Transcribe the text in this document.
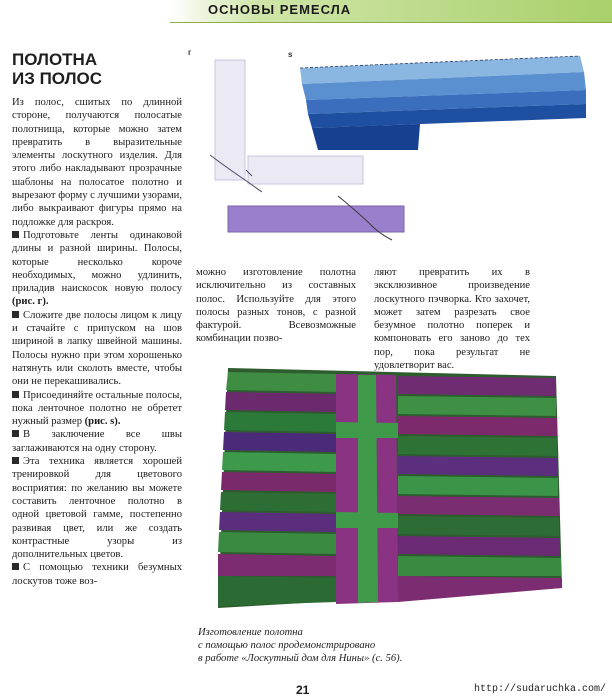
ОСНОВЫ РЕМЕСЛА
ПОЛОТНА
ИЗ ПОЛОС
г	s

Из полос, сшитых по длинной стороне, получаются полосатые полотнища, которые можно затем превратить в выразительные элементы лоскутного изделия. Для этого либо накладывают прозрачные шаблоны на полосатое полотно и вырезают форму с лучшими узорами, либо выкраивают фигуры прямо на подложке для раскроя.

Подготовьте ленты одинаковой длины и разной ширины. Полосы, которые несколько короче необходимых, можно удлинить, приладив наискосок новую полосу (рис. г).

Сложите две полосы лицом к лицу и стачайте с припуском на шов шириной в лапку швейной машины. Полосы нужно при этом хорошенько натянуть или сколоть вместе, чтобы они не перекашивались.

Присоединяйте остальные полосы, пока ленточное полотно не обретет нужный размер (рис. s).

В заключение все швы заглаживаются на одну сторону.

Эта техника является хорошей тренировкой для цветового восприятия: по желанию вы можете составить ленточное полотно в одной цветовой гамме, постепенно развивая цвет, или же создать контрастные узоры из дополнительных цветов.

С помощью техники безумных лоскутов тоже воз-

можно изготовление полотна исключительно из составных полос. Используйте для этого полосы разных тонов, с разной фактурой. Всевозможные комбинации позво-

ляют превратить их в эксклюзивное произведение лоскутного пэчворка. Кто захочет, может затем разрезать свое безумное полотно поперек и компоновать его заново до тех пор, пока результат не удовлетворит вас.

Изготовление полотна
с помощью полос продемонстрировано
в работе «Лоскутный дом для Нины» (с. 56).
21	http://sudaruchka.com/
